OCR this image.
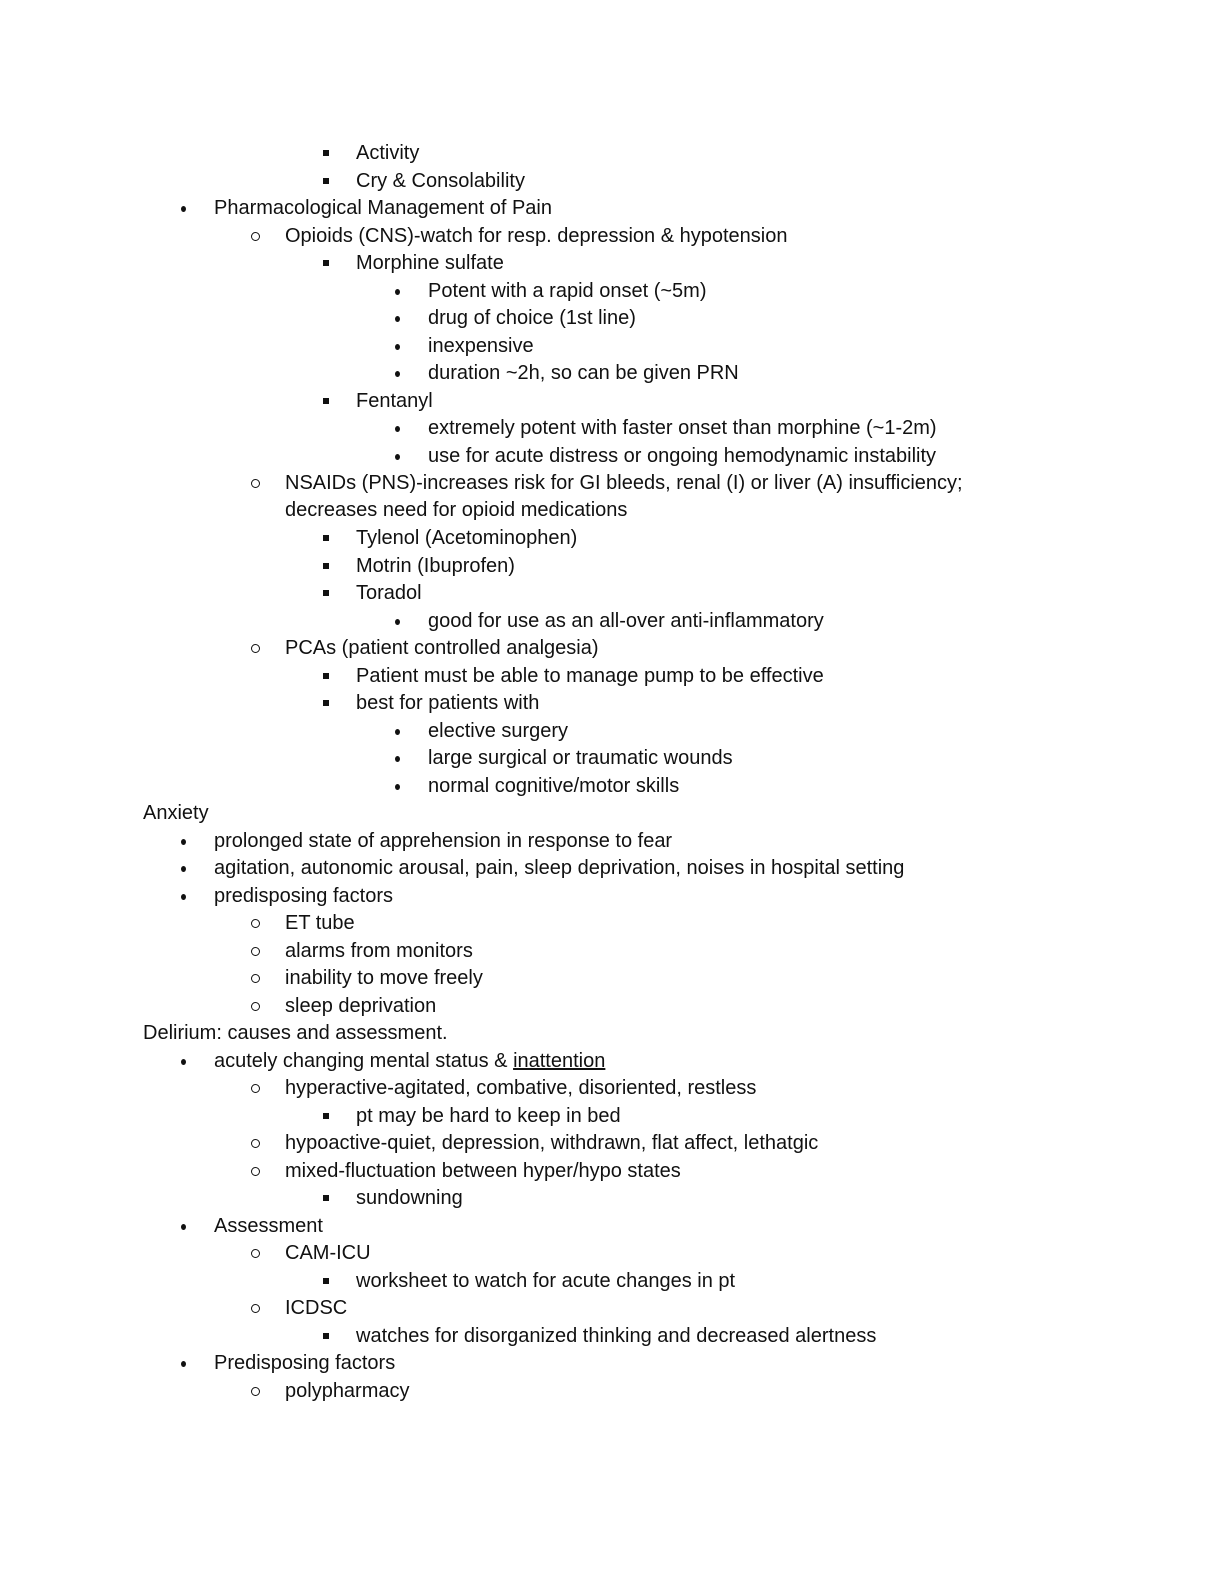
Activity
Cry & Consolability
Pharmacological Management of Pain
Opioids (CNS)-watch for resp. depression & hypotension
Morphine sulfate
Potent with a rapid onset (~5m)
drug of choice (1st line)
inexpensive
duration ~2h, so can be given PRN
Fentanyl
extremely potent with faster onset than morphine (~1-2m)
use for acute distress or ongoing hemodynamic instability
NSAIDs (PNS)-increases risk for GI bleeds, renal (I) or liver (A) insufficiency; decreases need for opioid medications
Tylenol (Acetominophen)
Motrin (Ibuprofen)
Toradol
good for use as an all-over anti-inflammatory
PCAs (patient controlled analgesia)
Patient must be able to manage pump to be effective
best for patients with
elective surgery
large surgical or traumatic wounds
normal cognitive/motor skills
Anxiety
prolonged state of apprehension in response to fear
agitation, autonomic arousal, pain, sleep deprivation, noises in hospital setting
predisposing factors
ET tube
alarms from monitors
inability to move freely
sleep deprivation
Delirium: causes and assessment.
acutely changing mental status & inattention
hyperactive-agitated, combative, disoriented, restless
pt may be hard to keep in bed
hypoactive-quiet, depression, withdrawn, flat affect, lethatgic
mixed-fluctuation between hyper/hypo states
sundowning
Assessment
CAM-ICU
worksheet to watch for acute changes in pt
ICDSC
watches for disorganized thinking and decreased alertness
Predisposing factors
polypharmacy
